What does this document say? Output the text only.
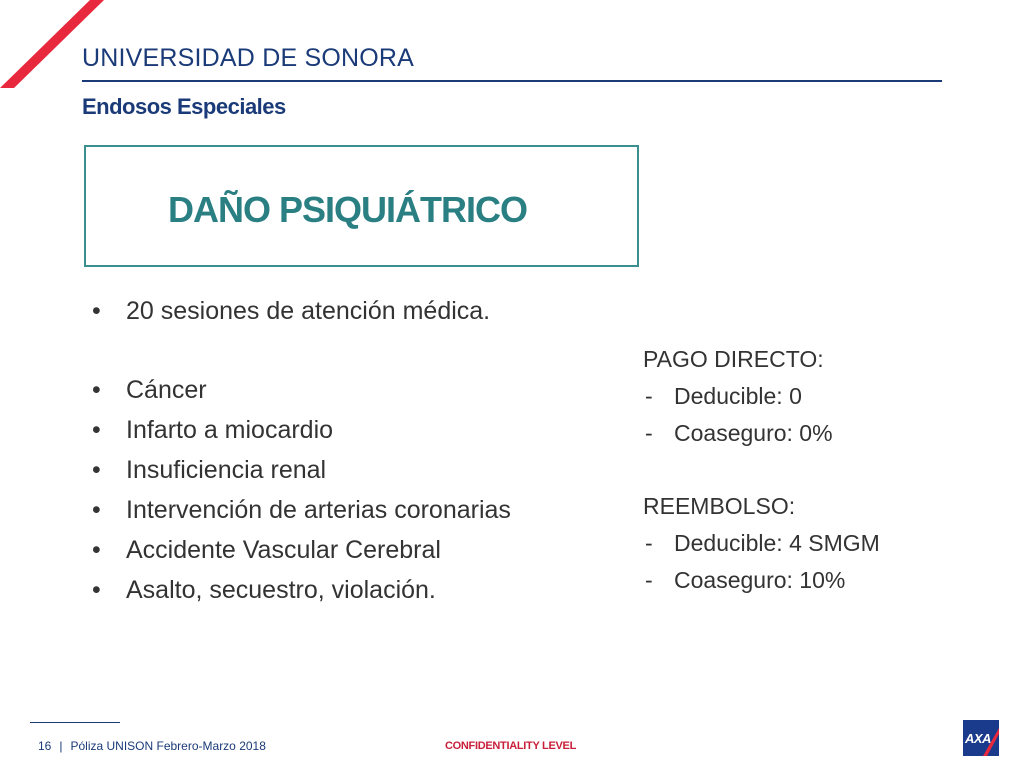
UNIVERSIDAD DE SONORA
Endosos Especiales
DAÑO PSIQUIÁTRICO
• 20 sesiones de atención médica.
• Cáncer
• Infarto a miocardio
• Insuficiencia renal
• Intervención de arterias coronarias
• Accidente Vascular Cerebral
• Asalto, secuestro, violación.
PAGO DIRECTO:
- Deducible: 0
- Coaseguro: 0%
REEMBOLSO:
- Deducible: 4 SMGM
- Coaseguro: 10%
16 | Póliza UNISON Febrero-Marzo 2018	CONFIDENTIALITY LEVEL	AXA
